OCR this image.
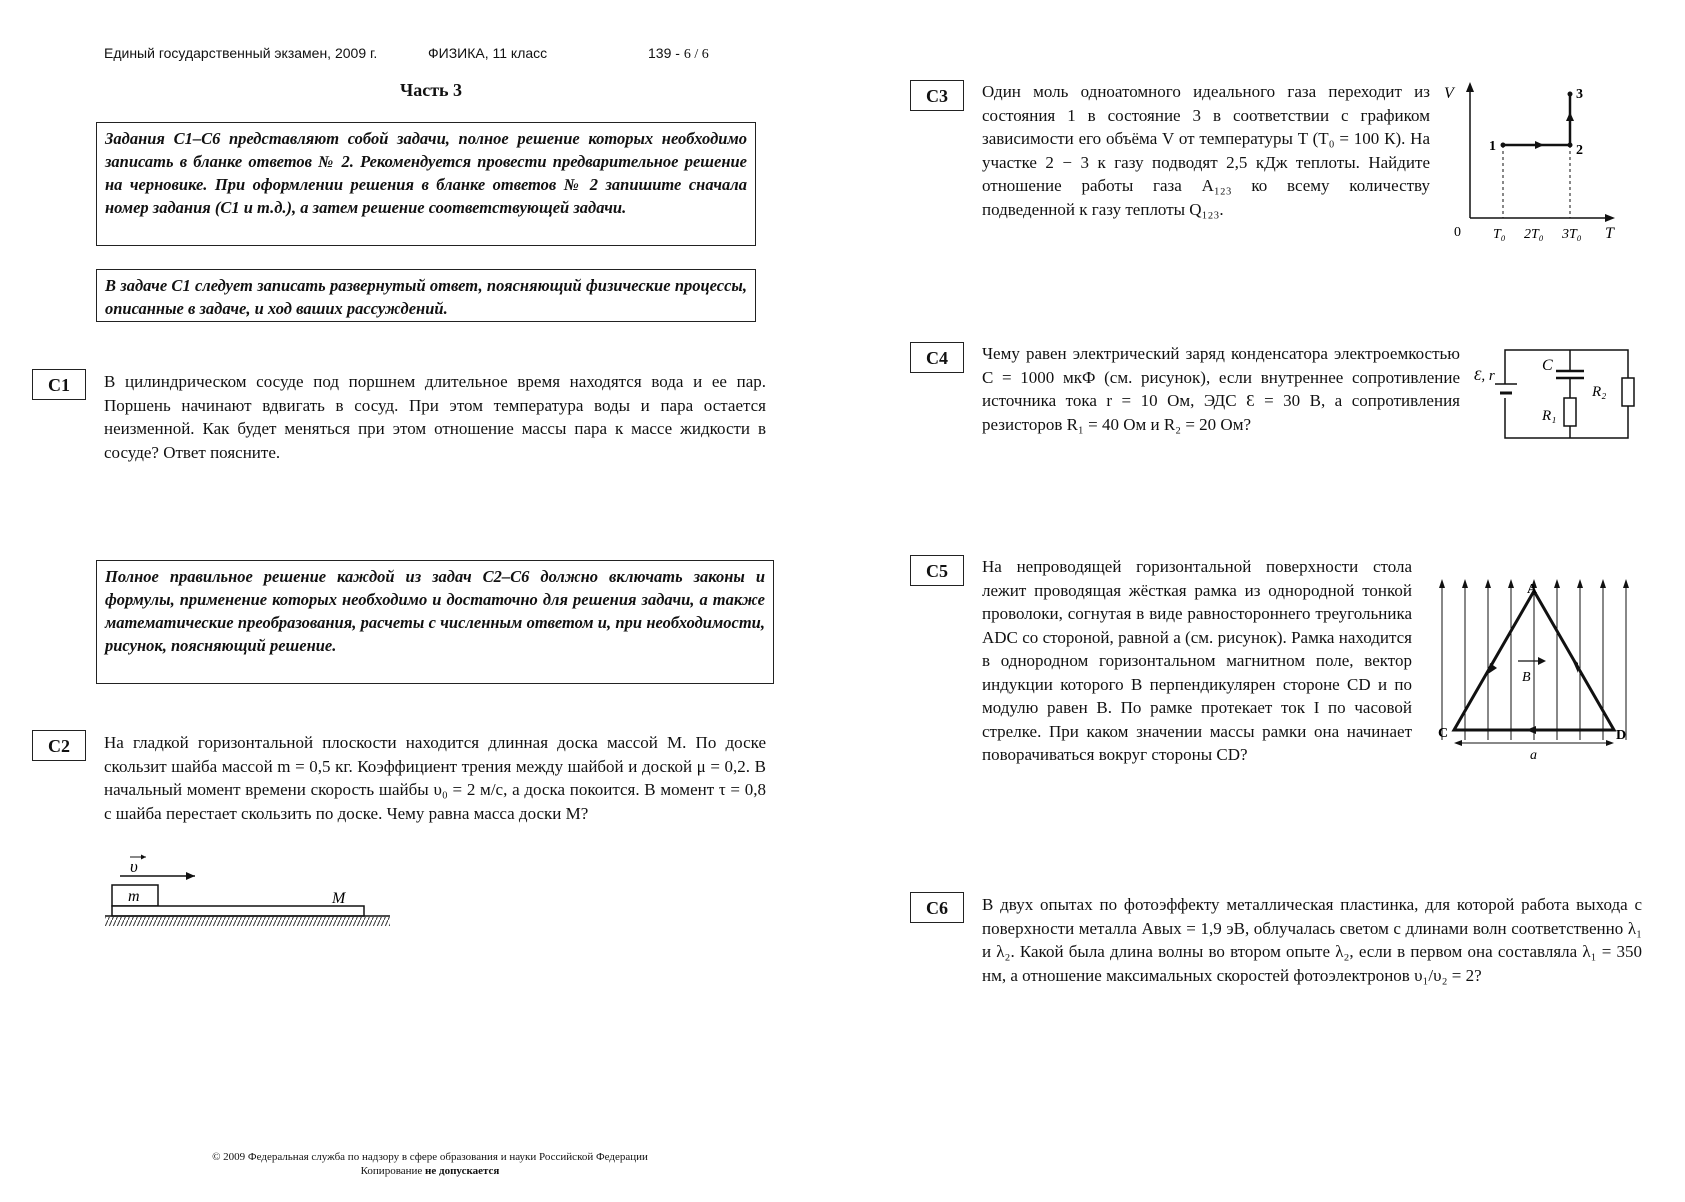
Единый государственный экзамен, 2009 г.	ФИЗИКА, 11 класс	139 - 6 / 6
Часть 3
Задания С1–С6 представляют собой задачи, полное решение которых необходимо записать в бланке ответов № 2. Рекомендуется провести предварительное решение на черновике. При оформлении решения в бланке ответов № 2 запишите сначала номер задания (С1 и т.д.), а затем решение соответствующей задачи.
В задаче С1 следует записать развернутый ответ, поясняющий физические процессы, описанные в задаче, и ход ваших рассуждений.
Полное правильное решение каждой из задач С2–С6 должно включать законы и формулы, применение которых необходимо и достаточно для решения задачи, а также математические преобразования, расчеты с численным ответом и, при необходимости, рисунок, поясняющий решение.
C1	В цилиндрическом сосуде под поршнем длительное время находятся вода и ее пар. Поршень начинают вдвигать в сосуд. При этом температура воды и пара остается неизменной. Как будет меняться при этом отношение массы пара к массе жидкости в сосуде? Ответ поясните.
C2	На гладкой горизонтальной плоскости находится длинная доска массой M. По доске скользит шайба массой m = 0,5 кг. Коэффициент трения между шайбой и доской μ = 0,2. В начальный момент времени скорость шайбы υ₀ = 2 м/с, а доска покоится. В момент τ = 0,8 с шайба перестает скользить по доске. Чему равна масса доски M?
υ
m	M
C3	Один моль одноатомного идеального газа переходит из состояния 1 в состояние 3 в соответствии с графиком зависимости его объёма V от температуры T (T₀ = 100 К). На участке 2 − 3 к газу подводят 2,5 кДж теплоты. Найдите отношение работы газа A₁₂₃ ко всему количеству подведенной к газу теплоты Q₁₂₃.
V
T
0
1	2
3
T₀ 2T₀ 3T₀
C4	Чему равен электрический заряд конденсатора электроемкостью C = 1000 мкФ (см. рисунок), если внутреннее сопротивление источника тока r = 10 Ом, ЭДС Ɛ = 30 В, а сопротивления резисторов R₁ = 40 Ом и R₂ = 20 Ом?
Ɛ, r
C
R₁
R₂
C5	На непроводящей горизонтальной поверхности стола лежит проводящая жёсткая рамка из однородной тонкой проволоки, согнутая в виде равностороннего треугольника ADC со стороной, равной a (см. рисунок). Рамка находится в однородном горизонтальном магнитном поле, вектор индукции которого B перпендикулярен стороне CD и по модулю равен B. По рамке протекает ток I по часовой стрелке. При каком значении массы рамки она начинает поворачиваться вокруг стороны CD?
B
A
C	D
a
C6	В двух опытах по фотоэффекту металлическая пластинка, для которой работа выхода с поверхности металла Aвых = 1,9 эВ, облучалась светом с длинами волн соответственно λ₁ и λ₂. Какой была длина волны во втором опыте λ₂, если в первом она составляла λ₁ = 350 нм, а отношение максимальных скоростей фотоэлектронов υ₁/υ₂ = 2?
© 2009 Федеральная служба по надзору в сфере образования и науки Российской Федерации
Копирование не допускается
